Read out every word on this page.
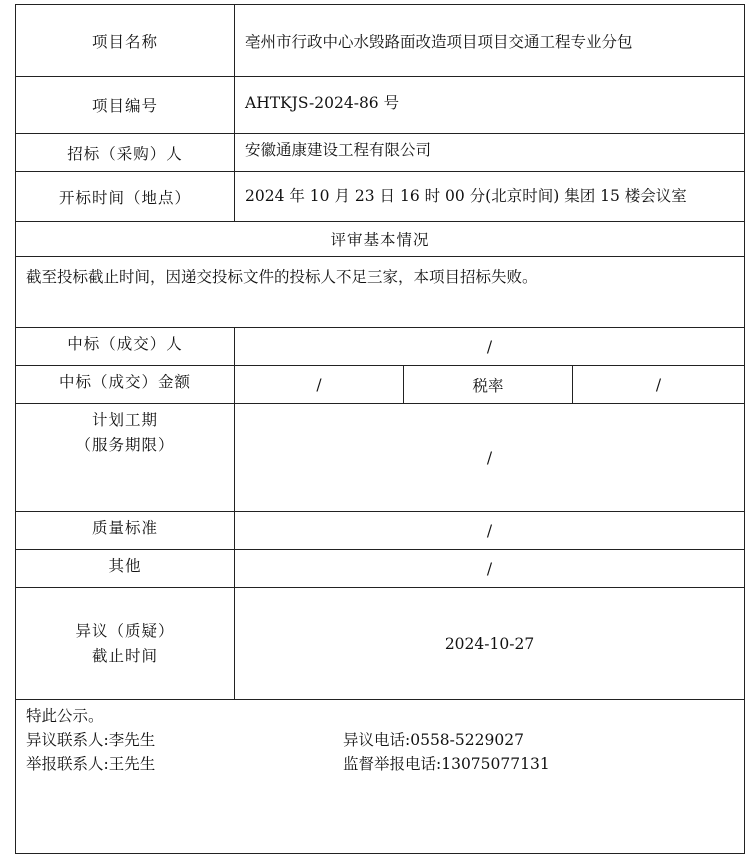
项目名称	亳州市行政中心水毁路面改造项目项目交通工程专业分包		
项目编号	AHTKJS-2024-86 号		
招标（采购）人	安徽通康建设工程有限公司		
开标时间（地点）	2024 年 10 月 23 日 16 时 00 分(北京时间) 集团 15 楼会议室		
评审基本情况			
截至投标截止时间，因递交投标文件的投标人不足三家，本项目招标失败。			
中标（成交）人	/		
中标（成交）金额	/	税率	/

计划工期
（服务期限）	/		
质量标准	/		
其他	/		

异议（质疑）
截止时间	2024-10-27		

特此公示。
异议联系人:李先生 异议电话:0558-5229027
举报联系人:王先生 监督举报电话:13075077131			
